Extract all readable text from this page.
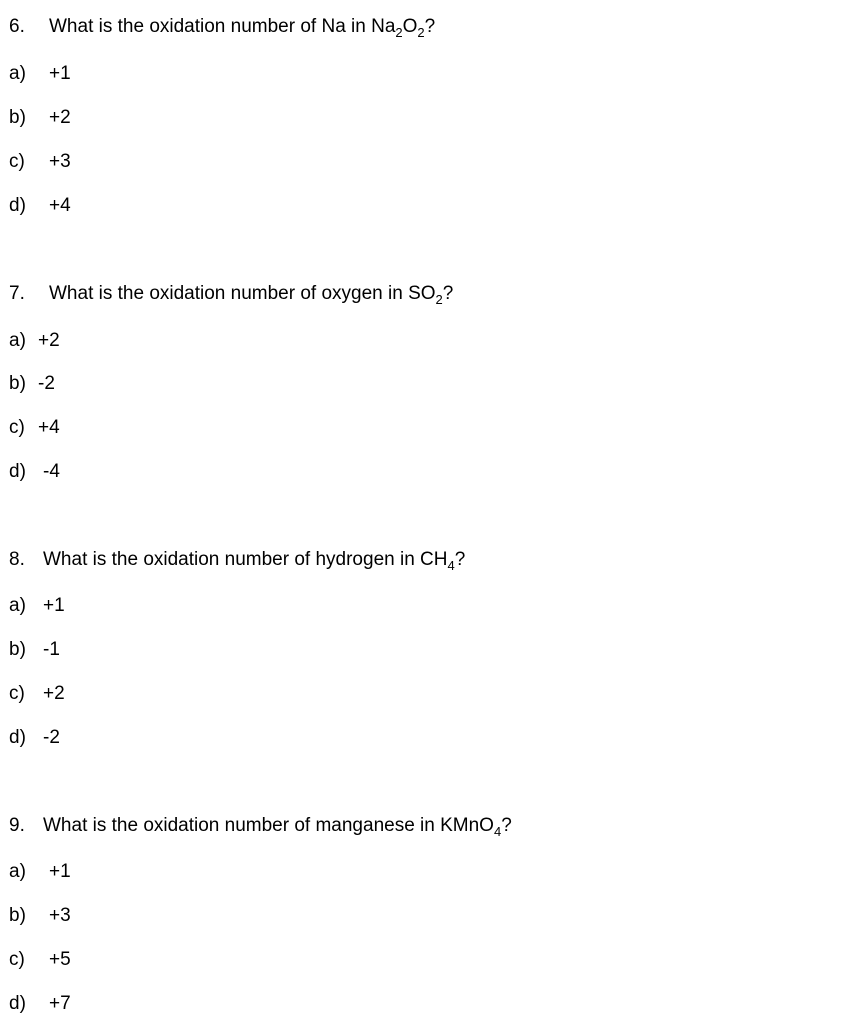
6. What is the oxidation number of Na in $Na_2O_2$?
a) +1
b) +2
c) +3
d) +4
7. What is the oxidation number of oxygen in $SO_2$?
a) +2
b) -2
c) +4
d) -4
8. What is the oxidation number of hydrogen in $CH_4$?
a) +1
b) -1
c) +2
d) -2
9. What is the oxidation number of manganese in KMnO$_4$?
a) +1
b) +3
c) +5
d) +7
